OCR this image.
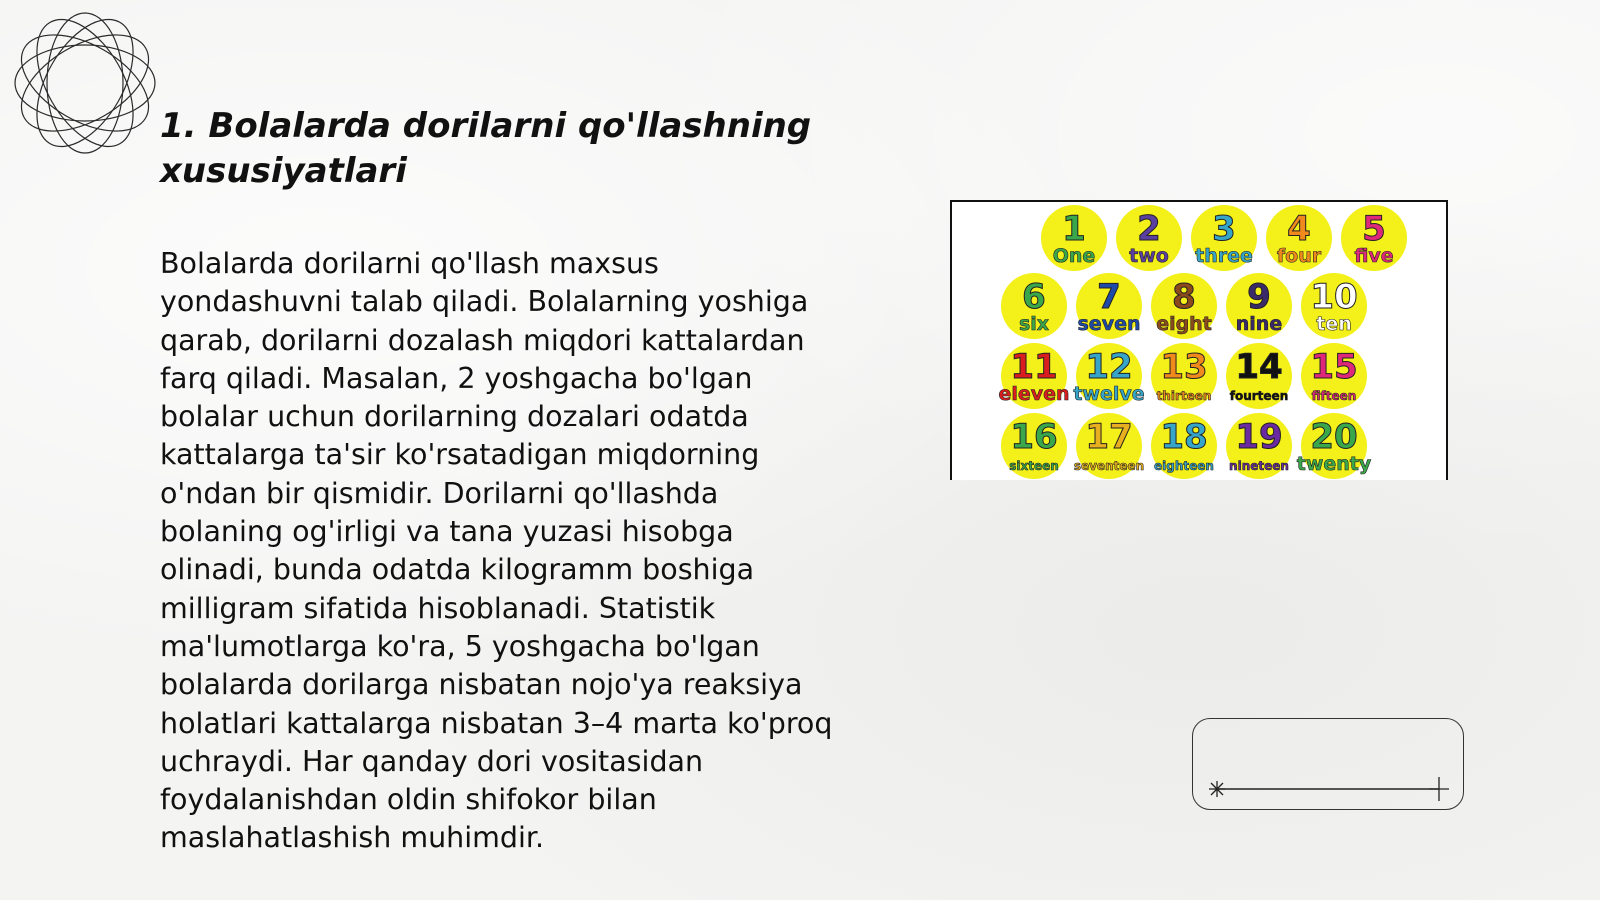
1. Bolalarda dorilarni qo'llashning xususiyatlari

Bolalarda dorilarni qo'llash maxsus yondashuvni talab qiladi. Bolalarning yoshiga qarab, dorilarni dozalash miqdori kattalardan farq qiladi. Masalan, 2 yoshgacha bo'lgan bolalar uchun dorilarning dozalari odatda kattalarga ta'sir ko'rsatadigan miqdorning o'ndan bir qismidir. Dorilarni qo'llashda bolaning og'irligi va tana yuzasi hisobga olinadi, bunda odatda kilogramm boshiga milligram sifatida hisoblanadi. Statistik ma'lumotlarga ko'ra, 5 yoshgacha bo'lgan bolalarda dorilarga nisbatan nojo'ya reaksiya holatlari kattalarga nisbatan 3–4 marta ko'proq uchraydi. Har qanday dori vositasidan foydalanishdan oldin shifokor bilan maslahatlashish muhimdir.

1
One
2
two
3
three
4
four
5
five
6
six
7
seven
8
eight
9
nine
10
ten
11
eleven
12
twelve
13
thirteen
14
fourteen
15
fifteen
16
sixteen
17
seventeen
18
eighteen
19
nineteen
20
twenty
